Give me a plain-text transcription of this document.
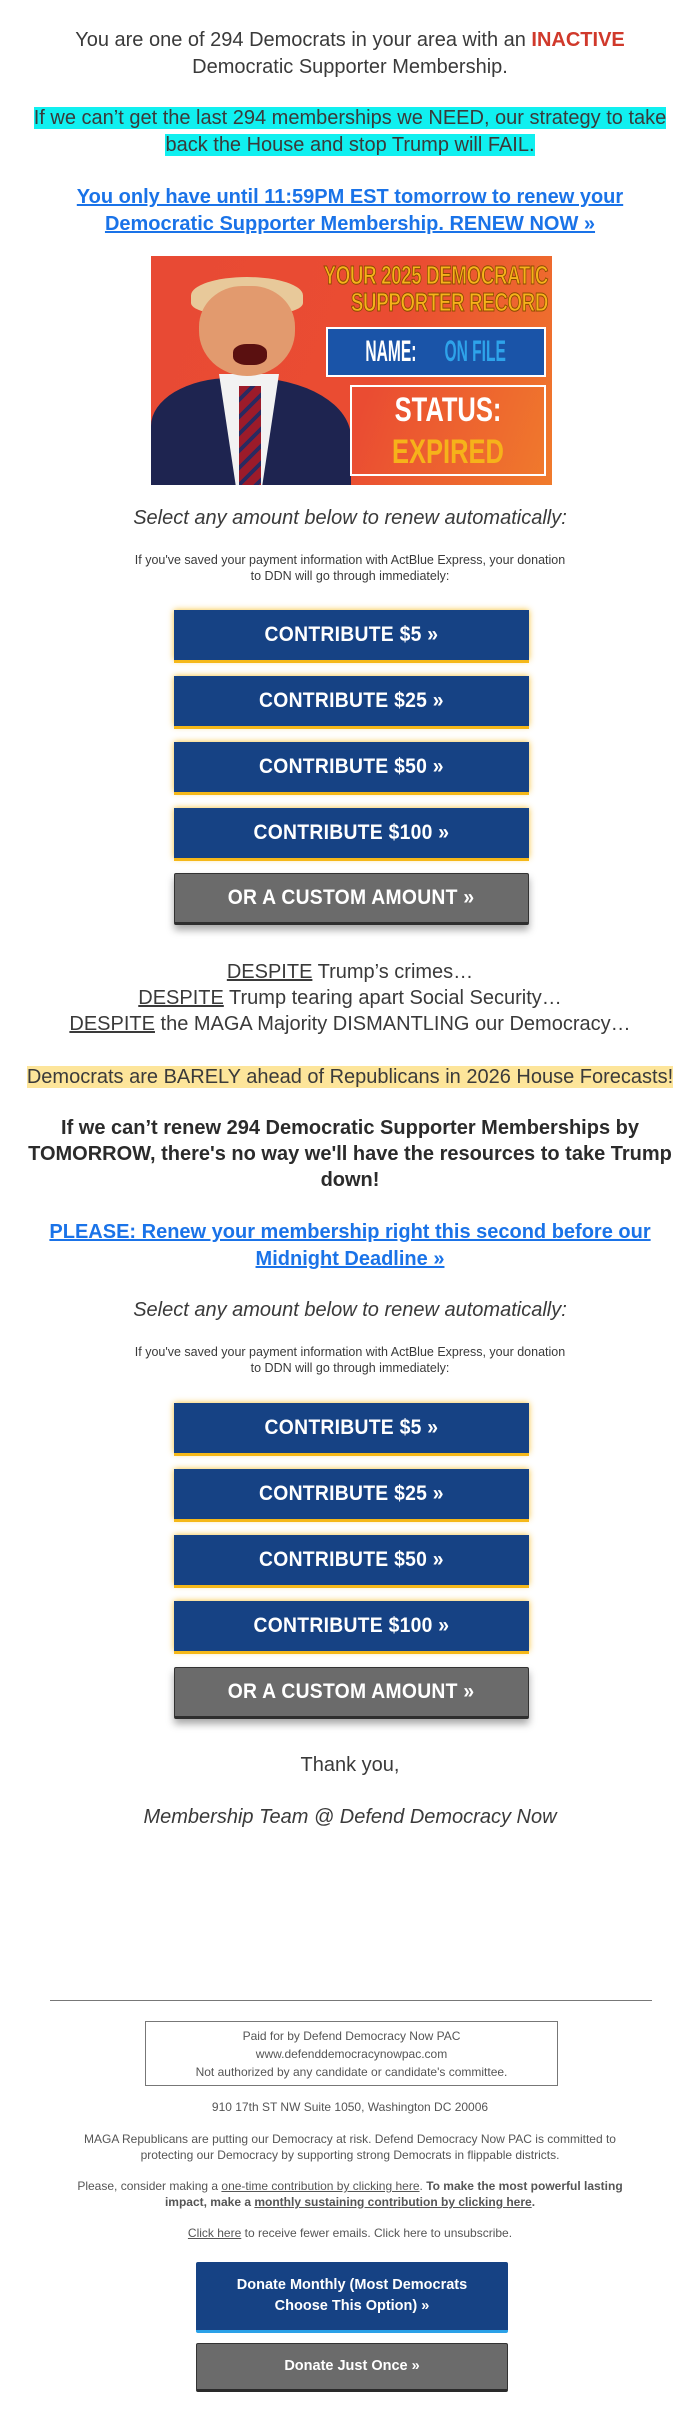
You are one of 294 Democrats in your area with an INACTIVE
Democratic Supporter Membership.
If we can’t get the last 294 memberships we NEED, our strategy to take back the House and stop Trump will FAIL.
You only have until 11:59PM EST tomorrow to renew your Democratic Supporter Membership. RENEW NOW »
YOUR 2025 DEMOCRATIC SUPPORTER RECORD
NAME: ON FILE
STATUS:
EXPIRED
Select any amount below to renew automatically:
If you've saved your payment information with ActBlue Express, your donation to DDN will go through immediately:
CONTRIBUTE $5 »
CONTRIBUTE $25 »
CONTRIBUTE $50 »
CONTRIBUTE $100 »
OR A CUSTOM AMOUNT »
DESPITE Trump’s crimes…
DESPITE Trump tearing apart Social Security…
DESPITE the MAGA Majority DISMANTLING our Democracy…
Democrats are BARELY ahead of Republicans in 2026 House Forecasts!
If we can’t renew 294 Democratic Supporter Memberships by TOMORROW, there's no way we'll have the resources to take Trump down!
PLEASE: Renew your membership right this second before our Midnight Deadline »
Select any amount below to renew automatically:
If you've saved your payment information with ActBlue Express, your donation to DDN will go through immediately:
CONTRIBUTE $5 »
CONTRIBUTE $25 »
CONTRIBUTE $50 »
CONTRIBUTE $100 »
OR A CUSTOM AMOUNT »
Thank you,
Membership Team @ Defend Democracy Now
Paid for by Defend Democracy Now PAC
www.defenddemocracynowpac.com
Not authorized by any candidate or candidate's committee.
910 17th ST NW Suite 1050, Washington DC 20006
MAGA Republicans are putting our Democracy at risk. Defend Democracy Now PAC is committed to protecting our Democracy by supporting strong Democrats in flippable districts.
Please, consider making a one-time contribution by clicking here. To make the most powerful lasting impact, make a monthly sustaining contribution by clicking here.
Click here to receive fewer emails. Click here to unsubscribe.
Donate Monthly (Most Democrats Choose This Option) »
Donate Just Once »
